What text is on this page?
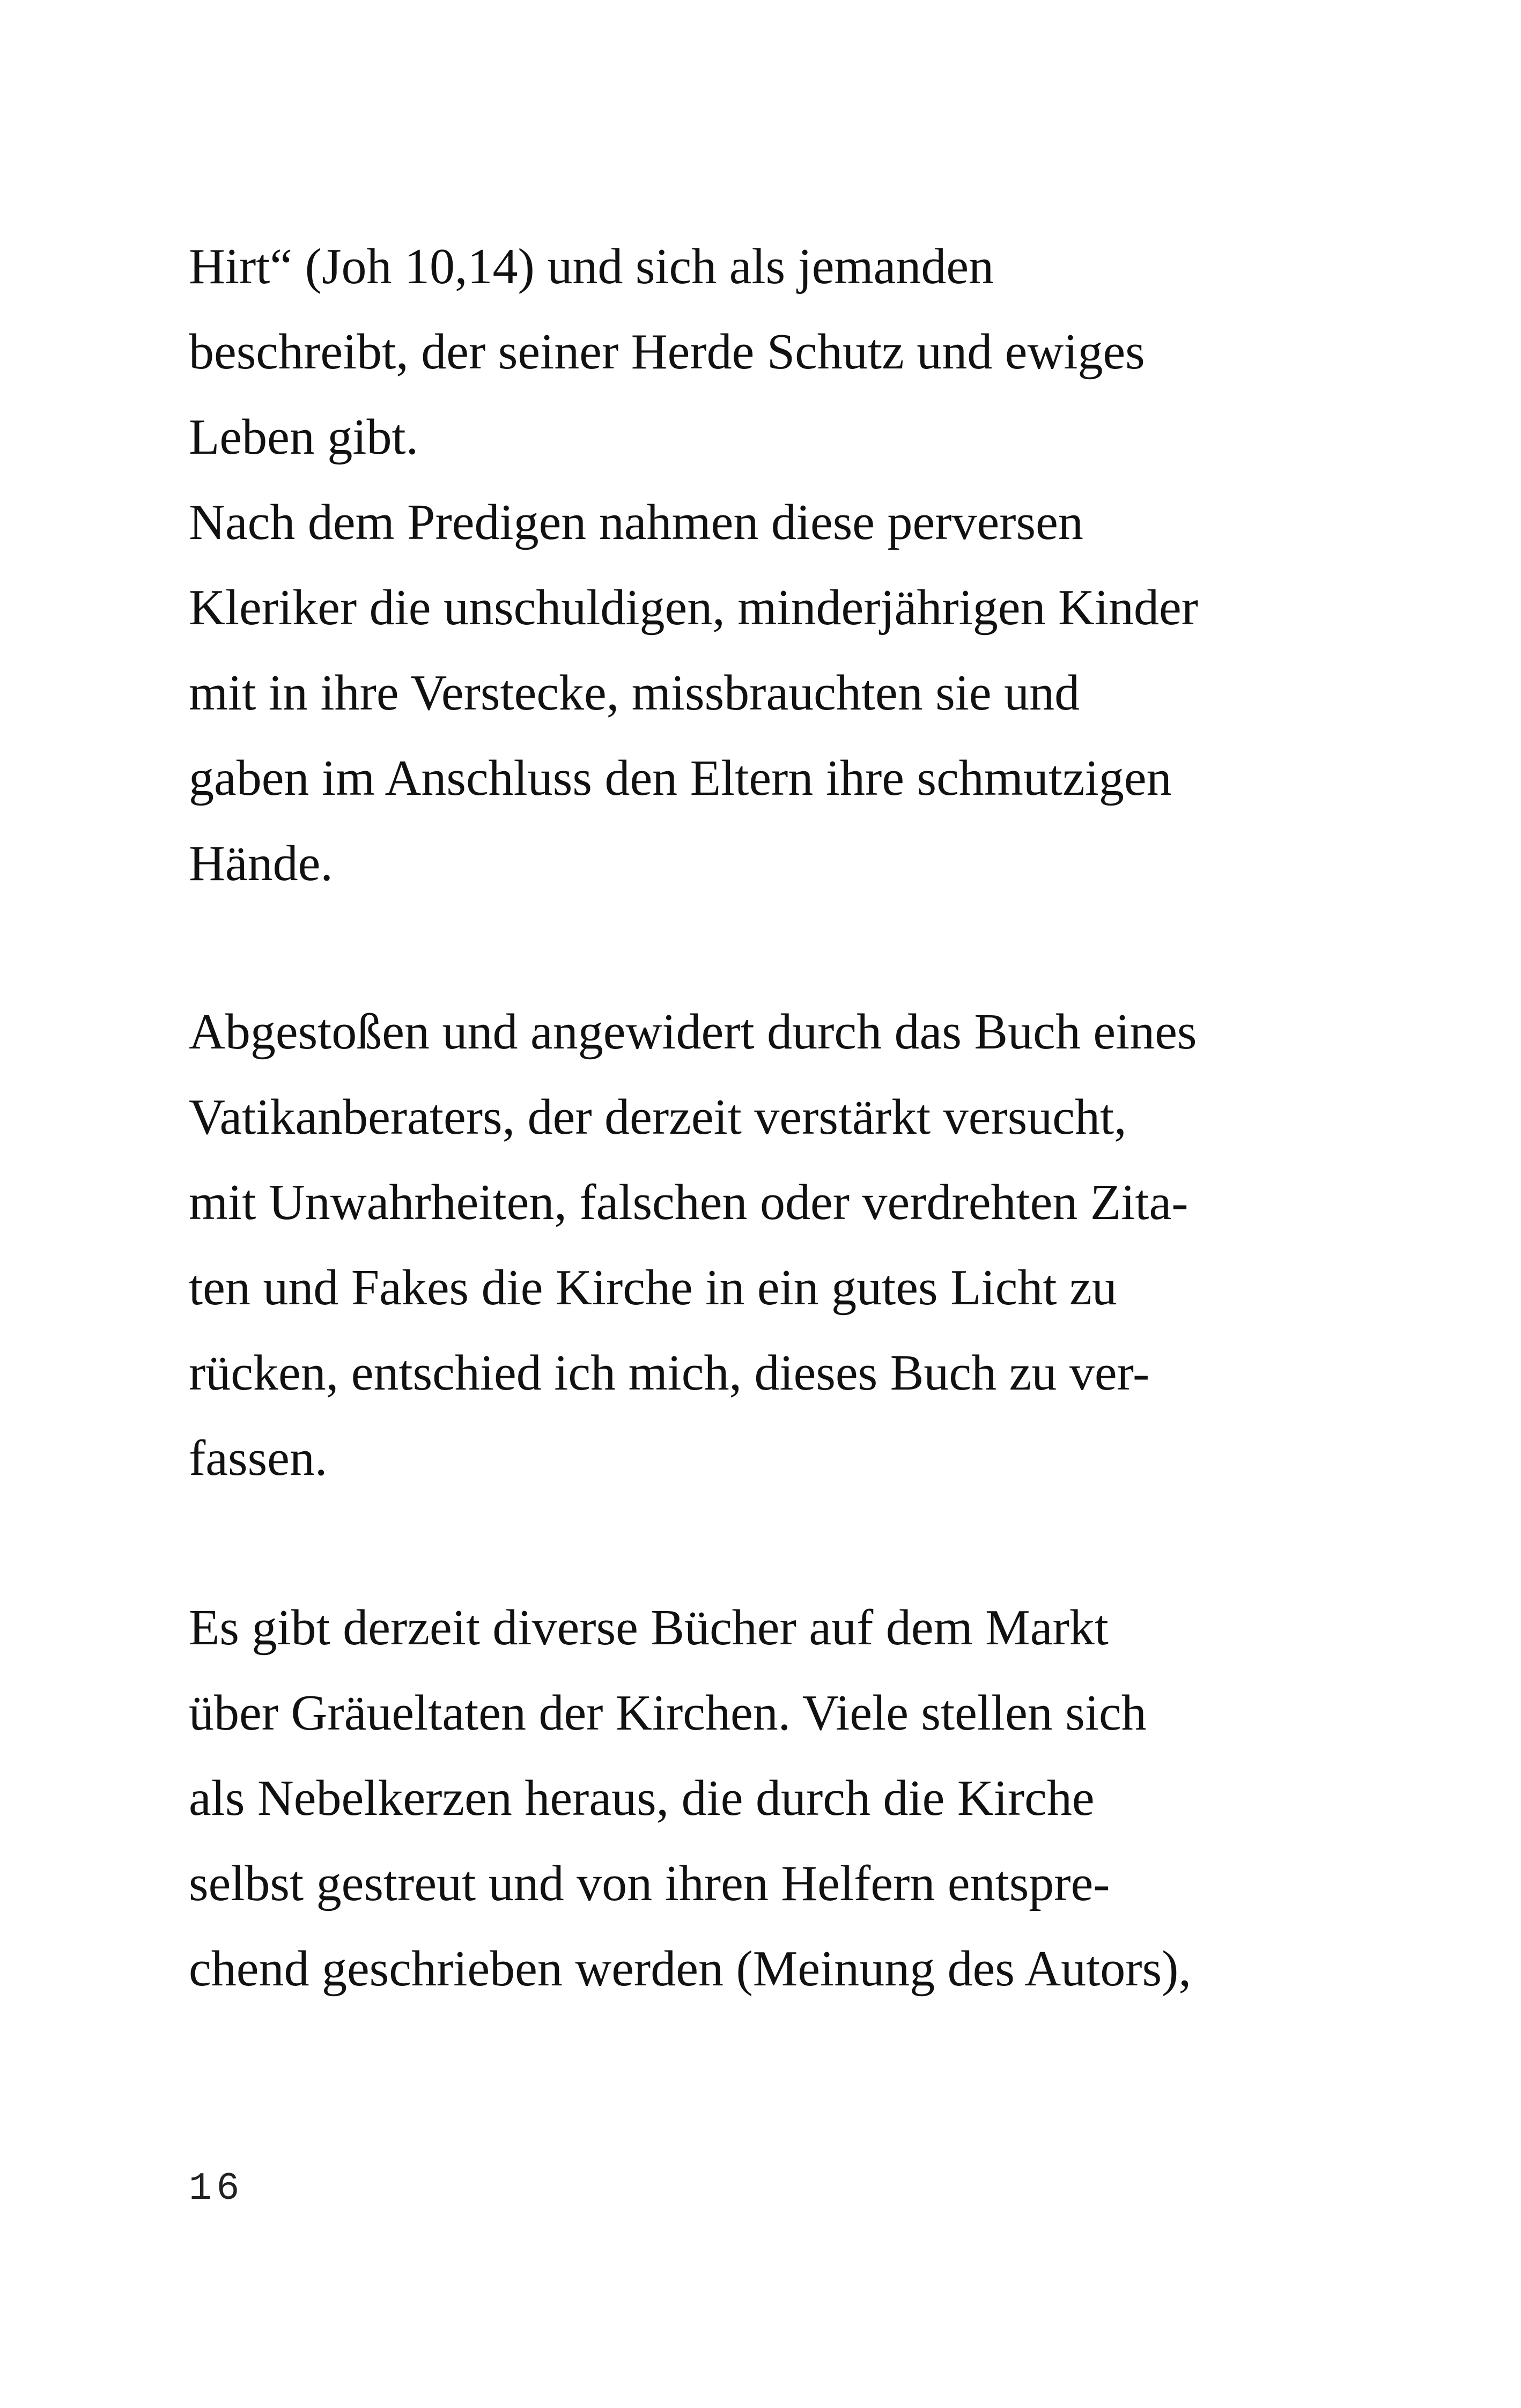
Hirt“ (Joh 10,14) und sich als jemanden
beschreibt, der seiner Herde Schutz und ewiges
Leben gibt.
Nach dem Predigen nahmen diese perversen
Kleriker die unschuldigen, minderjährigen Kinder
mit in ihre Verstecke, missbrauchten sie und
gaben im Anschluss den Eltern ihre schmutzigen
Hände.
Abgestoßen und angewidert durch das Buch eines
Vatikanberaters, der derzeit verstärkt versucht,
mit Unwahrheiten, falschen oder verdrehten Zita-
ten und Fakes die Kirche in ein gutes Licht zu
rücken, entschied ich mich, dieses Buch zu ver-
fassen.
Es gibt derzeit diverse Bücher auf dem Markt
über Gräueltaten der Kirchen. Viele stellen sich
als Nebelkerzen heraus, die durch die Kirche
selbst gestreut und von ihren Helfern entspre-
chend geschrieben werden (Meinung des Autors),
16
